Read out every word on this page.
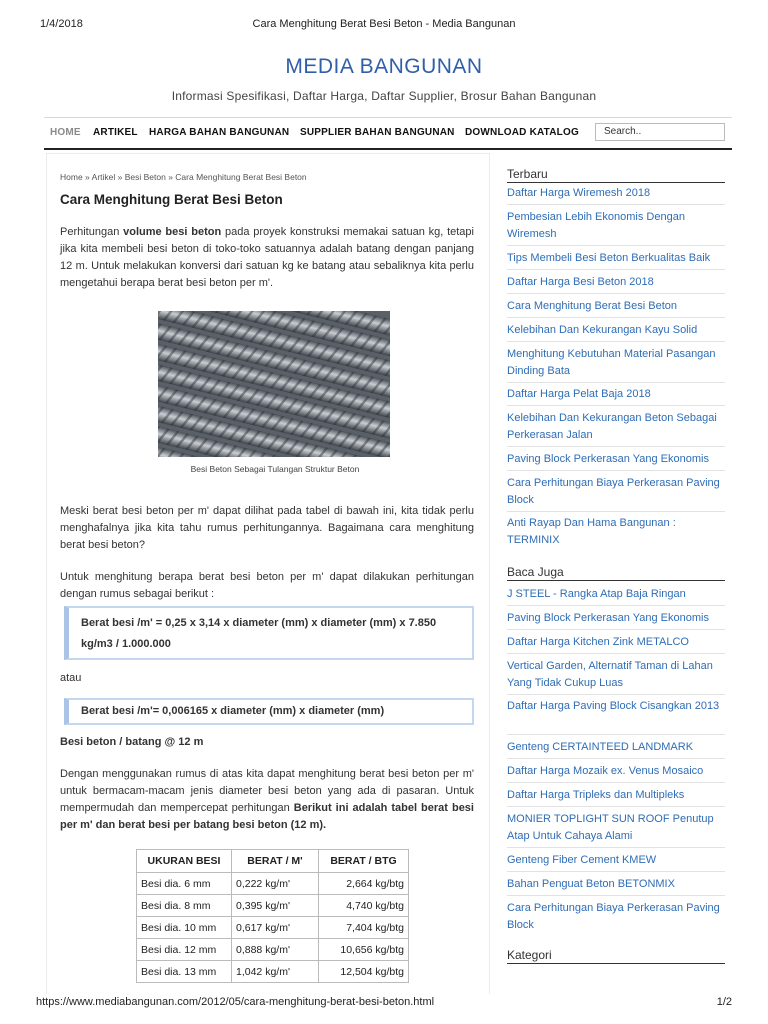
1/4/2018	Cara Menghitung Berat Besi Beton - Media Bangunan
MEDIA BANGUNAN
Informasi Spesifikasi, Daftar Harga, Daftar Supplier, Brosur Bahan Bangunan
HOME ARTIKEL HARGA BAHAN BANGUNAN SUPPLIER BAHAN BANGUNAN DOWNLOAD KATALOG	Search..
Home » Artikel » Besi Beton » Cara Menghitung Berat Besi Beton
Cara Menghitung Berat Besi Beton
Perhitungan volume besi beton pada proyek konstruksi memakai satuan kg, tetapi jika kita membeli besi beton di toko-toko satuannya adalah batang dengan panjang 12 m. Untuk melakukan konversi dari satuan kg ke batang atau sebaliknya kita perlu mengetahui berapa berat besi beton per m'.
Besi Beton Sebagai Tulangan Struktur Beton
Meski berat besi beton per m' dapat dilihat pada tabel di bawah ini, kita tidak perlu menghafalnya jika kita tahu rumus perhitungannya. Bagaimana cara menghitung berat besi beton?
Untuk menghitung berapa berat besi beton per m' dapat dilakukan perhitungan dengan rumus sebagai berikut :
Berat besi /m' = 0,25 x 3,14 x diameter (mm) x diameter (mm) x 7.850 kg/m3 / 1.000.000
atau
Berat besi /m'= 0,006165 x diameter (mm) x diameter (mm)
Besi beton / batang @ 12 m
Dengan menggunakan rumus di atas kita dapat menghitung berat besi beton per m' untuk bermacam-macam jenis diameter besi beton yang ada di pasaran. Untuk mempermudah dan mempercepat perhitungan Berikut ini adalah tabel berat besi per m' dan berat besi per batang besi beton (12 m).
UKURAN BESI	BERAT / M'	BERAT / BTG
Besi dia. 6 mm	0,222 kg/m'	2,664 kg/btg
Besi dia. 8 mm	0,395 kg/m'	4,740 kg/btg
Besi dia. 10 mm	0,617 kg/m'	7,404 kg/btg
Besi dia. 12 mm	0,888 kg/m'	10,656 kg/btg
Besi dia. 13 mm	1,042 kg/m'	12,504 kg/btg
Terbaru
Daftar Harga Wiremesh 2018
Pembesian Lebih Ekonomis Dengan Wiremesh
Tips Membeli Besi Beton Berkualitas Baik
Daftar Harga Besi Beton 2018
Cara Menghitung Berat Besi Beton
Kelebihan Dan Kekurangan Kayu Solid
Menghitung Kebutuhan Material Pasangan Dinding Bata
Daftar Harga Pelat Baja 2018
Kelebihan Dan Kekurangan Beton Sebagai Perkerasan Jalan
Paving Block Perkerasan Yang Ekonomis
Cara Perhitungan Biaya Perkerasan Paving Block
Anti Rayap Dan Hama Bangunan : TERMINIX
Baca Juga
J STEEL - Rangka Atap Baja Ringan
Paving Block Perkerasan Yang Ekonomis
Daftar Harga Kitchen Zink METALCO
Vertical Garden, Alternatif Taman di Lahan Yang Tidak Cukup Luas
Daftar Harga Paving Block Cisangkan 2013
Genteng CERTAINTEED LANDMARK
Daftar Harga Mozaik ex. Venus Mosaico
Daftar Harga Tripleks dan Multipleks
MONIER TOPLIGHT SUN ROOF Penutup Atap Untuk Cahaya Alami
Genteng Fiber Cement KMEW
Bahan Penguat Beton BETONMIX
Cara Perhitungan Biaya Perkerasan Paving Block
Kategori
https://www.mediabangunan.com/2012/05/cara-menghitung-berat-besi-beton.html	1/2
